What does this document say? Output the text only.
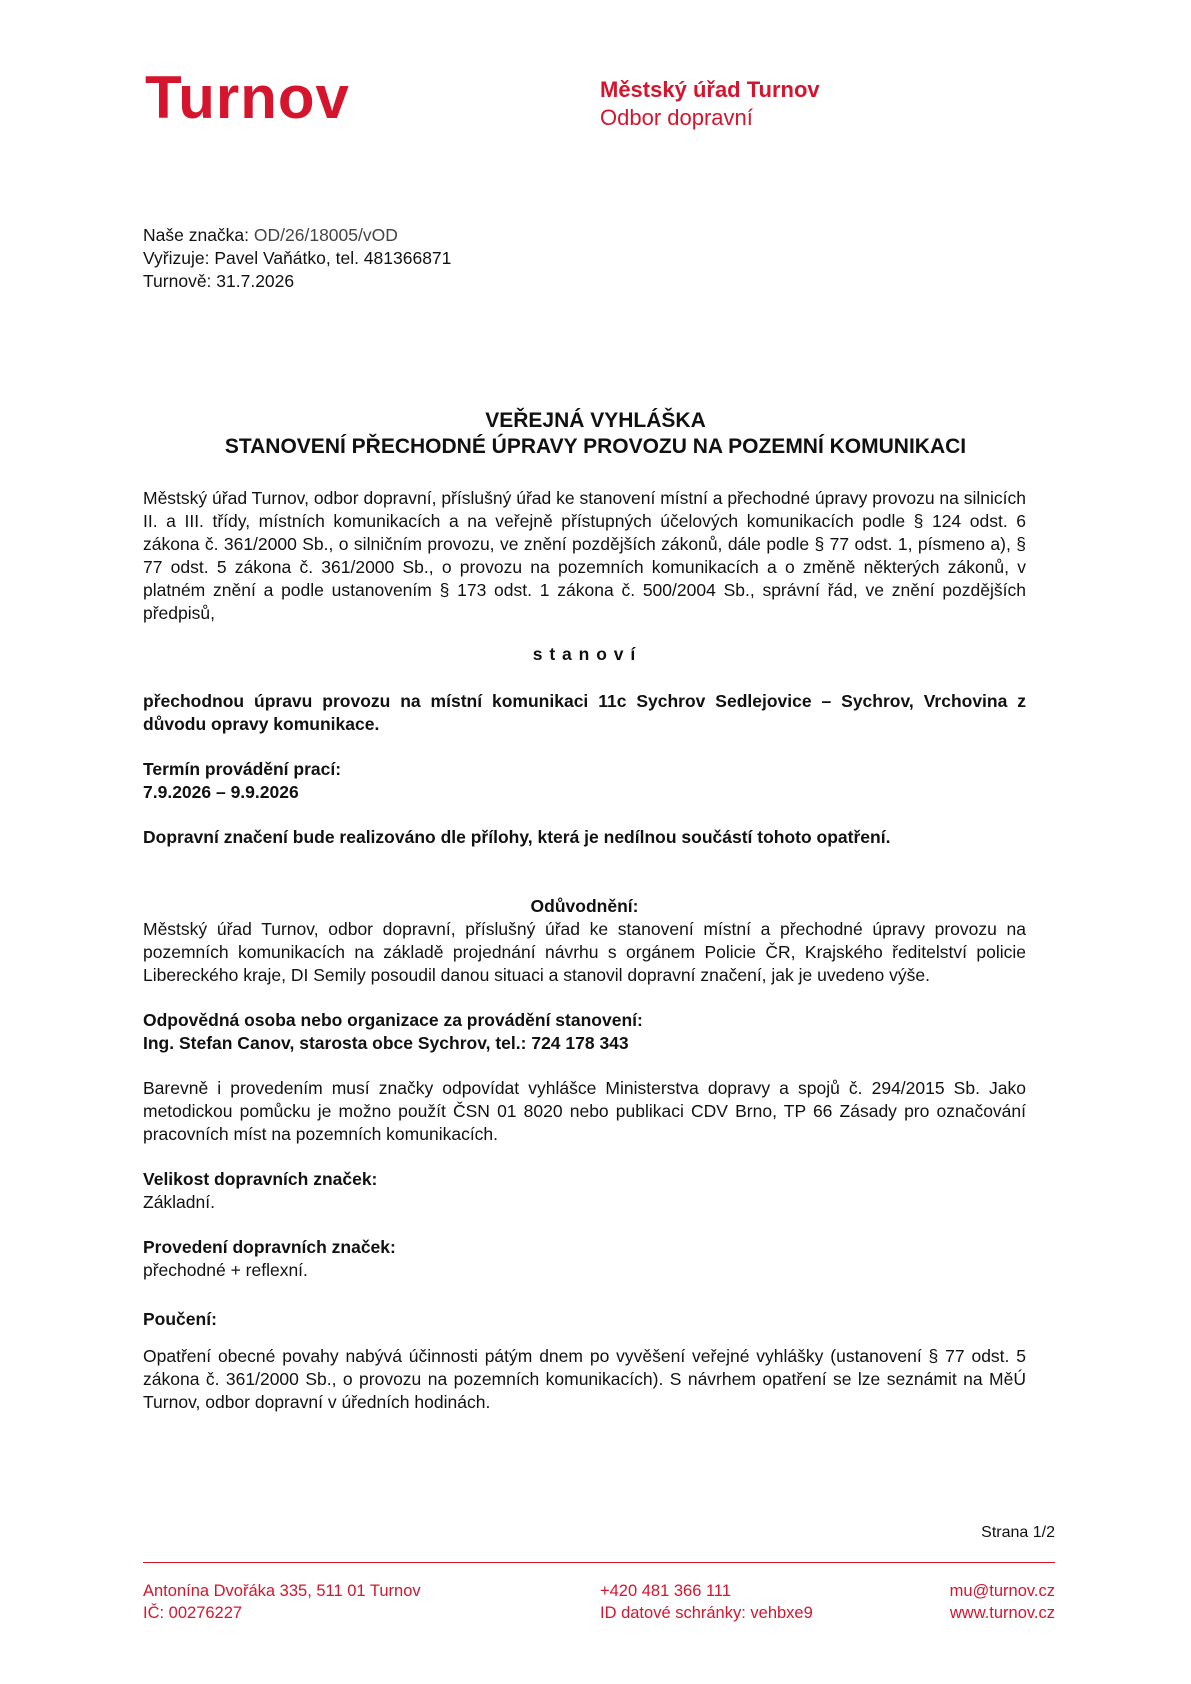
Turnov	Městský úřad Turnov
Odbor dopravní
Naše značka: OD/26/18005/vOD
Vyřizuje: Pavel Vaňátko, tel. 481366871
Turnově: 31.7.2026
VEŘEJNÁ VYHLÁŠKA
STANOVENÍ PŘECHODNÉ ÚPRAVY PROVOZU NA POZEMNÍ KOMUNIKACI

Městský úřad Turnov, odbor dopravní, příslušný úřad ke stanovení místní a přechodné úpravy provozu na silnicích II. a III. třídy, místních komunikacích a na veřejně přístupných účelových komunikacích podle § 124 odst. 6 zákona č. 361/2000 Sb., o silničním provozu, ve znění pozdějších zákonů, dále podle § 77 odst. 1, písmeno a), § 77 odst. 5 zákona č. 361/2000 Sb., o provozu na pozemních komunikacích a o změně některých zákonů, v platném znění a podle ustanovením § 173 odst. 1 zákona č. 500/2004 Sb., správní řád, ve znění pozdějších předpisů,

s t a n o v í

přechodnou úpravu provozu na místní komunikaci 11c Sychrov Sedlejovice – Sychrov, Vrchovina z důvodu opravy komunikace.

Termín provádění prací:

7.9.2026 – 9.9.2026

Dopravní značení bude realizováno dle přílohy, která je nedílnou součástí tohoto opatření.

Odůvodnění:

Městský úřad Turnov, odbor dopravní, příslušný úřad ke stanovení místní a přechodné úpravy provozu na pozemních komunikacích na základě projednání návrhu s orgánem Policie ČR, Krajského ředitelství policie Libereckého kraje, DI Semily posoudil danou situaci a stanovil dopravní značení, jak je uvedeno výše.

Odpovědná osoba nebo organizace za provádění stanovení:

Ing. Stefan Canov, starosta obce Sychrov, tel.: 724 178 343

Barevně i provedením musí značky odpovídat vyhlášce Ministerstva dopravy a spojů č. 294/2015 Sb. Jako metodickou pomůcku je možno použít ČSN 01 8020 nebo publikaci CDV Brno, TP 66 Zásady pro označování pracovních míst na pozemních komunikacích.

Velikost dopravních značek:

Základní.

Provedení dopravních značek:

přechodné + reflexní.

Poučení:

Opatření obecné povahy nabývá účinnosti pátým dnem po vyvěšení veřejné vyhlášky (ustanovení § 77 odst. 5 zákona č. 361/2000 Sb., o provozu na pozemních komunikacích). S návrhem opatření se lze seznámit na MěÚ Turnov, odbor dopravní v úředních hodinách.

Strana 1/2
Antonína Dvořáka 335, 511 01 Turnov
IČ: 00276227
+420 481 366 111
ID datové schránky: vehbxe9
mu@turnov.cz
www.turnov.cz
